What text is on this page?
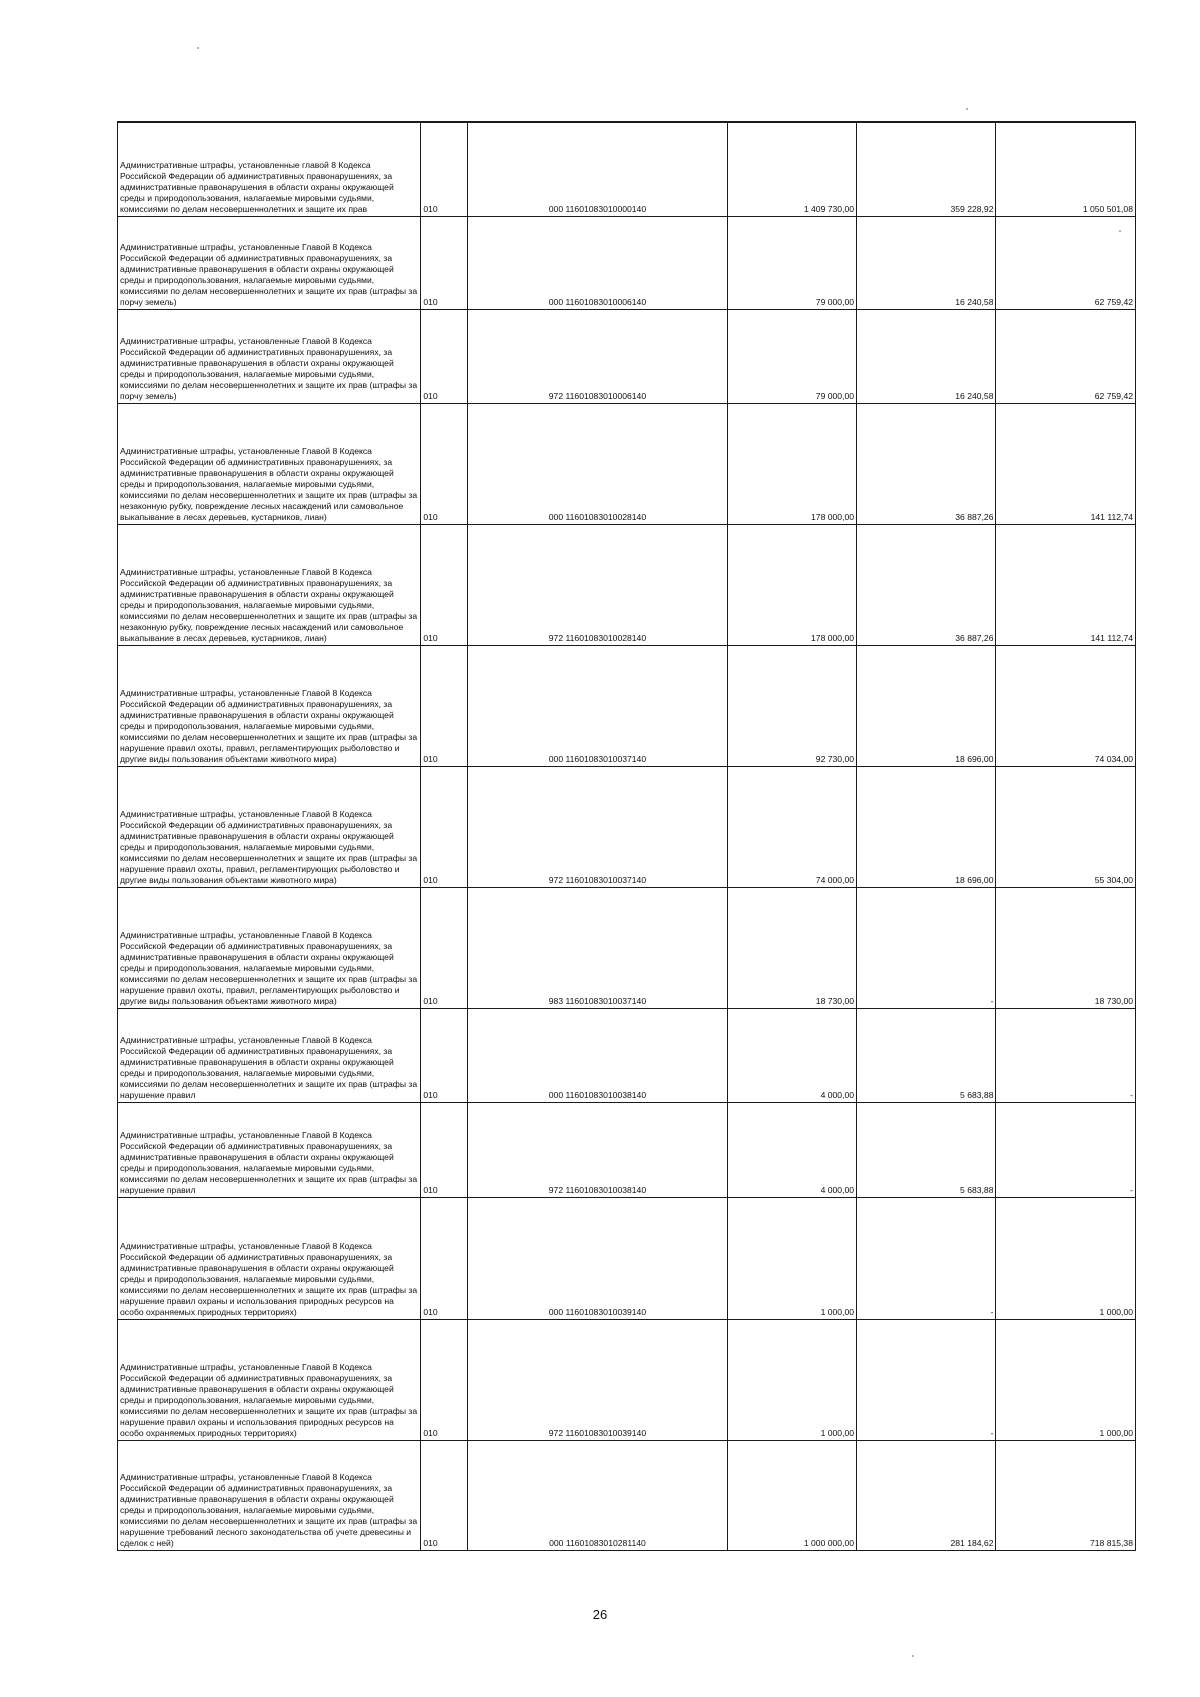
Административные штрафы, установленные главой 8 Кодекса Российской Федерации об административных правонарушениях, за административные правонарушения в области охраны окружающей среды и природопользования, налагаемые мировыми судьями, комиссиями по делам несовершеннолетних и защите их прав	010	000 11601083010000140	1 409 730,00	359 228,92	1 050 501,08
Административные штрафы, установленные Главой 8 Кодекса Российской Федерации об административных правонарушениях, за административные правонарушения в области охраны окружающей среды и природопользования, налагаемые мировыми судьями, комиссиями по делам несовершеннолетних и защите их прав (штрафы за порчу земель)	010	000 11601083010006140	79 000,00	16 240,58	62 759,42
Административные штрафы, установленные Главой 8 Кодекса Российской Федерации об административных правонарушениях, за административные правонарушения в области охраны окружающей среды и природопользования, налагаемые мировыми судьями, комиссиями по делам несовершеннолетних и защите их прав (штрафы за порчу земель)	010	972 11601083010006140	79 000,00	16 240,58	62 759,42
Административные штрафы, установленные Главой 8 Кодекса Российской Федерации об административных правонарушениях, за административные правонарушения в области охраны окружающей среды и природопользования, налагаемые мировыми судьями, комиссиями по делам несовершеннолетних и защите их прав (штрафы за незаконную рубку, повреждение лесных насаждений или самовольное выкапывание в лесах деревьев, кустарников, лиан)	010	000 11601083010028140	178 000,00	36 887,26	141 112,74
Административные штрафы, установленные Главой 8 Кодекса Российской Федерации об административных правонарушениях, за административные правонарушения в области охраны окружающей среды и природопользования, налагаемые мировыми судьями, комиссиями по делам несовершеннолетних и защите их прав (штрафы за незаконную рубку, повреждение лесных насаждений или самовольное выкапывание в лесах деревьев, кустарников, лиан)	010	972 11601083010028140	178 000,00	36 887,26	141 112,74
Административные штрафы, установленные Главой 8 Кодекса Российской Федерации об административных правонарушениях, за административные правонарушения в области охраны окружающей среды и природопользования, налагаемые мировыми судьями, комиссиями по делам несовершеннолетних и защите их прав (штрафы за нарушение правил охоты, правил, регламентирующих рыболовство и другие виды пользования объектами животного мира)	010	000 11601083010037140	92 730,00	18 696,00	74 034,00
Административные штрафы, установленные Главой 8 Кодекса Российской Федерации об административных правонарушениях, за административные правонарушения в области охраны окружающей среды и природопользования, налагаемые мировыми судьями, комиссиями по делам несовершеннолетних и защите их прав (штрафы за нарушение правил охоты, правил, регламентирующих рыболовство и другие виды пользования объектами животного мира)	010	972 11601083010037140	74 000,00	18 696,00	55 304,00
Административные штрафы, установленные Главой 8 Кодекса Российской Федерации об административных правонарушениях, за административные правонарушения в области охраны окружающей среды и природопользования, налагаемые мировыми судьями, комиссиями по делам несовершеннолетних и защите их прав (штрафы за нарушение правил охоты, правил, регламентирующих рыболовство и другие виды пользования объектами животного мира)	010	983 11601083010037140	18 730,00	-	18 730,00
Административные штрафы, установленные Главой 8 Кодекса Российской Федерации об административных правонарушениях, за административные правонарушения в области охраны окружающей среды и природопользования, налагаемые мировыми судьями, комиссиями по делам несовершеннолетних и защите их прав (штрафы за нарушение правил	010	000 11601083010038140	4 000,00	5 683,88	-
Административные штрафы, установленные Главой 8 Кодекса Российской Федерации об административных правонарушениях, за административные правонарушения в области охраны окружающей среды и природопользования, налагаемые мировыми судьями, комиссиями по делам несовершеннолетних и защите их прав (штрафы за нарушение правил	010	972 11601083010038140	4 000,00	5 683,88	-
Административные штрафы, установленные Главой 8 Кодекса Российской Федерации об административных правонарушениях, за административные правонарушения в области охраны окружающей среды и природопользования, налагаемые мировыми судьями, комиссиями по делам несовершеннолетних и защите их прав (штрафы за нарушение правил охраны и использования природных ресурсов на особо охраняемых природных территориях)	010	000 11601083010039140	1 000,00	-	1 000,00
Административные штрафы, установленные Главой 8 Кодекса Российской Федерации об административных правонарушениях, за административные правонарушения в области охраны окружающей среды и природопользования, налагаемые мировыми судьями, комиссиями по делам несовершеннолетних и защите их прав (штрафы за нарушение правил охраны и использования природных ресурсов на особо охраняемых природных территориях)	010	972 11601083010039140	1 000,00	-	1 000,00
Административные штрафы, установленные Главой 8 Кодекса Российской Федерации об административных правонарушениях, за административные правонарушения в области охраны окружающей среды и природопользования, налагаемые мировыми судьями, комиссиями по делам несовершеннолетних и защите их прав (штрафы за нарушение требований лесного законодательства об учете древесины и сделок с ней)	010	000 11601083010281140	1 000 000,00	281 184,62	718 815,38
26
